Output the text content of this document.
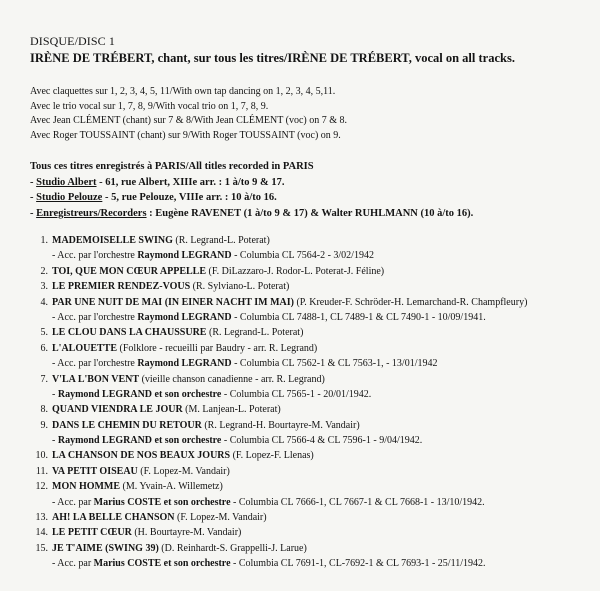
DISQUE/DISC 1
IRÈNE DE TRÉBERT, chant, sur tous les titres/IRÈNE DE TRÉBERT, vocal on all tracks.
Avec claquettes sur 1, 2, 3, 4, 5, 11/With own tap dancing on 1, 2, 3, 4, 5,11.
Avec le trio vocal sur 1, 7, 8, 9/With vocal trio on 1, 7, 8, 9.
Avec Jean CLÉMENT (chant) sur 7 & 8/With Jean CLÉMENT (voc) on 7 & 8.
Avec Roger TOUSSAINT (chant) sur 9/With Roger TOUSSAINT (voc) on 9.
Tous ces titres enregistrés à PARIS/All titles recorded in PARIS
- Studio Albert - 61, rue Albert, XIIIe arr. : 1 à/to 9 & 17.
- Studio Pelouze - 5, rue Pelouze, VIIIe arr. : 10 à/to 16.
- Enregistreurs/Recorders : Eugène RAVENET (1 à/to 9 & 17) & Walter RUHLMANN (10 à/to 16).
1. MADEMOISELLE SWING (R. Legrand-L. Poterat)
- Acc. par l'orchestre Raymond LEGRAND - Columbia CL 7564-2 - 3/02/1942
2. TOI, QUE MON CŒUR APPELLE (F. DiLazzaro-J. Rodor-L. Poterat-J. Féline)
3. LE PREMIER RENDEZ-VOUS (R. Sylviano-L. Poterat)
4. PAR UNE NUIT DE MAI (IN EINER NACHT IM MAI) (P. Kreuder-F. Schröder-H. Lemarchand-R. Champfleury)
- Acc. par l'orchestre Raymond LEGRAND - Columbia CL 7488-1, CL 7489-1 & CL 7490-1 - 10/09/1941.
5. LE CLOU DANS LA CHAUSSURE (R. Legrand-L. Poterat)
6. L'ALOUETTE (Folklore - recueilli par Baudry - arr. R. Legrand)
- Acc. par l'orchestre Raymond LEGRAND - Columbia CL 7562-1 & CL 7563-1, - 13/01/1942
7. V'LA L'BON VENT (vieille chanson canadienne - arr. R. Legrand)
- Raymond LEGRAND et son orchestre - Columbia CL 7565-1 - 20/01/1942.
8. QUAND VIENDRA LE JOUR (M. Lanjean-L. Poterat)
9. DANS LE CHEMIN DU RETOUR (R. Legrand-H. Bourtayre-M. Vandair)
- Raymond LEGRAND et son orchestre - Columbia CL 7566-4 & CL 7596-1 - 9/04/1942.
10. LA CHANSON DE NOS BEAUX JOURS (F. Lopez-F. Llenas)
11. VA PETIT OISEAU (F. Lopez-M. Vandair)
12. MON HOMME (M. Yvain-A. Willemetz)
- Acc. par Marius COSTE et son orchestre - Columbia CL 7666-1, CL 7667-1 & CL 7668-1 - 13/10/1942.
13. AH! LA BELLE CHANSON (F. Lopez-M. Vandair)
14. LE PETIT CŒUR (H. Bourtayre-M. Vandair)
15. JE T'AIME (SWING 39) (D. Reinhardt-S. Grappelli-J. Larue)
- Acc. par Marius COSTE et son orchestre - Columbia CL 7691-1, CL-7692-1 & CL 7693-1 - 25/11/1942.
